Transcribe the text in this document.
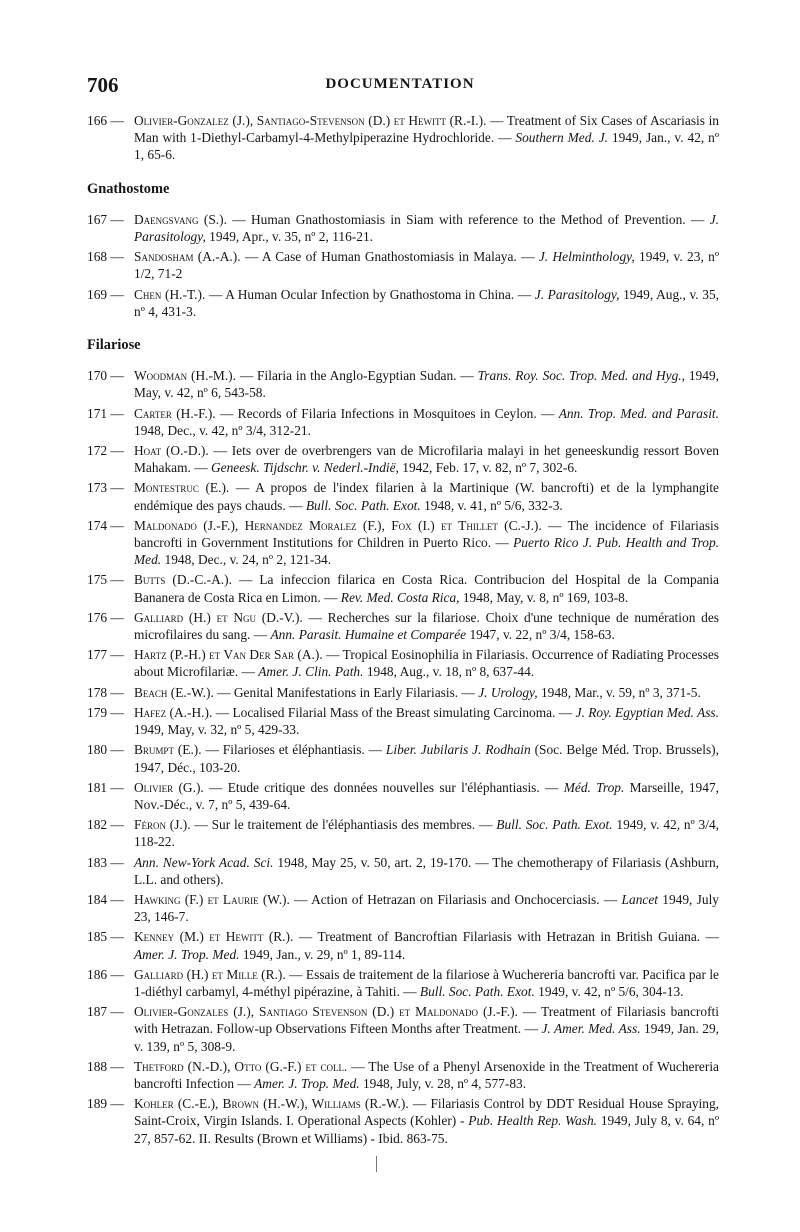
706	DOCUMENTATION
166 — Olivier-Gonzalez (J.), Santiago-Stevenson (D.) et Hewitt (R.-I.). — Treatment of Six Cases of Ascariasis in Man with 1-Diethyl-Carbamyl-4-Methylpiperazine Hydrochloride. — Southern Med. J. 1949, Jan., v. 42, nº 1, 65-6.
Gnathostome
167 — Daengsvang (S.). — Human Gnathostomiasis in Siam with reference to the Method of Prevention. — J. Parasitology, 1949, Apr., v. 35, nº 2, 116-21.
168 — Sandosham (A.-A.). — A Case of Human Gnathostomiasis in Malaya. — J. Helminthology, 1949, v. 23, nº 1/2, 71-2
169 — Chen (H.-T.). — A Human Ocular Infection by Gnathostoma in China. — J. Parasitology, 1949, Aug., v. 35, nº 4, 431-3.
Filariose
170 — Woodman (H.-M.). — Filaria in the Anglo-Egyptian Sudan. — Trans. Roy. Soc. Trop. Med. and Hyg., 1949, May, v. 42, nº 6, 543-58.
171 — Carter (H.-F.). — Records of Filaria Infections in Mosquitoes in Ceylon. — Ann. Trop. Med. and Parasit. 1948, Dec., v. 42, nº 3/4, 312-21.
172 — Hoat (O.-D.). — Iets over de overbrengers van de Microfilaria malayi in het geneeskundig ressort Boven Mahakam. — Geneesk. Tijdschr. v. Nederl.-Indië, 1942, Feb. 17, v. 82, nº 7, 302-6.
173 — Montestruc (E.). — A propos de l'index filarien à la Martinique (W. bancrofti) et de la lymphangite endémique des pays chauds. — Bull. Soc. Path. Exot. 1948, v. 41, nº 5/6, 332-3.
174 — Maldonado (J.-F.), Hernandez Moralez (F.), Fox (I.) et Thillet (C.-J.). — The incidence of Filariasis bancrofti in Government Institutions for Children in Puerto Rico. — Puerto Rico J. Pub. Health and Trop. Med. 1948, Dec., v. 24, nº 2, 121-34.
175 — Butts (D.-C.-A.). — La infeccion filarica en Costa Rica. Contribucion del Hospital de la Compania Bananera de Costa Rica en Limon. — Rev. Med. Costa Rica, 1948, May, v. 8, nº 169, 103-8.
176 — Galliard (H.) et Ngu (D.-V.). — Recherches sur la filariose. Choix d'une technique de numération des microfilaires du sang. — Ann. Parasit. Humaine et Comparée 1947, v. 22, nº 3/4, 158-63.
177 — Hartz (P.-H.) et Van Der Sar (A.). — Tropical Eosinophilia in Filariasis. Occurrence of Radiating Processes about Microfilariæ. — Amer. J. Clin. Path. 1948, Aug., v. 18, nº 8, 637-44.
178 — Beach (E.-W.). — Genital Manifestations in Early Filariasis. — J. Urology, 1948, Mar., v. 59, nº 3, 371-5.
179 — Hafez (A.-H.). — Localised Filarial Mass of the Breast simulating Carcinoma. — J. Roy. Egyptian Med. Ass. 1949, May, v. 32, nº 5, 429-33.
180 — Brumpt (E.). — Filarioses et éléphantiasis. — Liber. Jubilaris J. Rodhain (Soc. Belge Méd. Trop. Brussels), 1947, Déc., 103-20.
181 — Olivier (G.). — Etude critique des données nouvelles sur l'éléphantiasis. — Méd. Trop. Marseille, 1947, Nov.-Déc., v. 7, nº 5, 439-64.
182 — Féron (J.). — Sur le traitement de l'éléphantiasis des membres. — Bull. Soc. Path. Exot. 1949, v. 42, nº 3/4, 118-22.
183 — Ann. New-York Acad. Sci. 1948, May 25, v. 50, art. 2, 19-170. — The chemotherapy of Filariasis (Ashburn, L.L. and others).
184 — Hawking (F.) et Laurie (W.). — Action of Hetrazan on Filariasis and Onchocerciasis. — Lancet 1949, July 23, 146-7.
185 — Kenney (M.) et Hewitt (R.). — Treatment of Bancroftian Filariasis with Hetrazan in British Guiana. — Amer. J. Trop. Med. 1949, Jan., v. 29, nº 1, 89-114.
186 — Galliard (H.) et Mille (R.). — Essais de traitement de la filariose à Wuchereria bancrofti var. Pacifica par le 1-diéthyl carbamyl, 4-méthyl pipérazine, à Tahiti. — Bull. Soc. Path. Exot. 1949, v. 42, nº 5/6, 304-13.
187 — Olivier-Gonzales (J.), Santiago Stevenson (D.) et Maldonado (J.-F.). — Treatment of Filariasis bancrofti with Hetrazan. Follow-up Observations Fifteen Months after Treatment. — J. Amer. Med. Ass. 1949, Jan. 29, v. 139, nº 5, 308-9.
188 — Thetford (N.-D.), Otto (G.-F.) et coll. — The Use of a Phenyl Arsenoxide in the Treatment of Wuchereria bancrofti Infection — Amer. J. Trop. Med. 1948, July, v. 28, nº 4, 577-83.
189 — Kohler (C.-E.), Brown (H.-W.), Williams (R.-W.). — Filariasis Control by DDT Residual House Spraying, Saint-Croix, Virgin Islands. I. Operational Aspects (Kohler) - Pub. Health Rep. Wash. 1949, July 8, v. 64, nº 27, 857-62. II. Results (Brown et Williams) - Ibid. 863-75.
